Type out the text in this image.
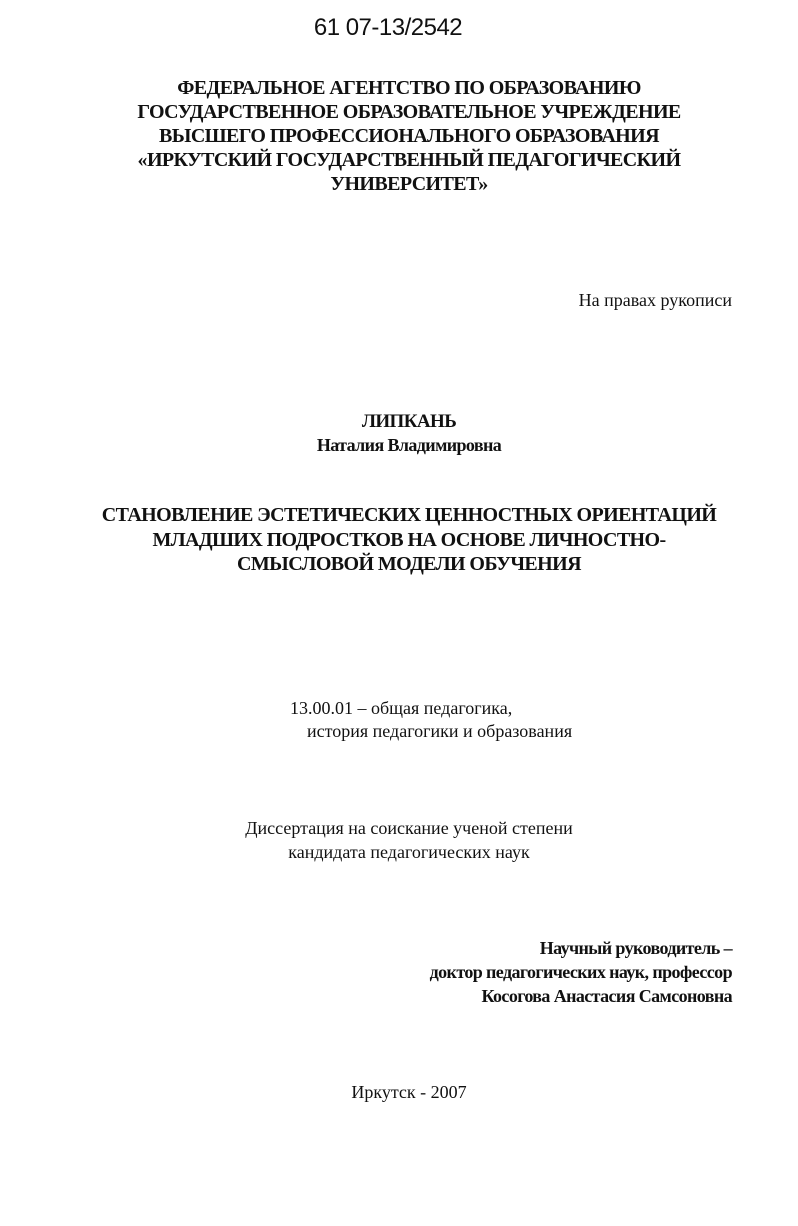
61 07-13/2542
ФЕДЕРАЛЬНОЕ АГЕНТСТВО ПО ОБРАЗОВАНИЮ
ГОСУДАРСТВЕННОЕ ОБРАЗОВАТЕЛЬНОЕ УЧРЕЖДЕНИЕ
ВЫСШЕГО ПРОФЕССИОНАЛЬНОГО ОБРАЗОВАНИЯ
«ИРКУТСКИЙ ГОСУДАРСТВЕННЫЙ ПЕДАГОГИЧЕСКИЙ
УНИВЕРСИТЕТ»
На правах рукописи
ЛИПКАНЬ
Наталия Владимировна
СТАНОВЛЕНИЕ ЭСТЕТИЧЕСКИХ ЦЕННОСТНЫХ ОРИЕНТАЦИЙ
МЛАДШИХ ПОДРОСТКОВ НА ОСНОВЕ ЛИЧНОСТНО-
СМЫСЛОВОЙ МОДЕЛИ ОБУЧЕНИЯ
13.00.01 – общая педагогика,
история педагогики и образования
Диссертация на соискание ученой степени
кандидата педагогических наук
Научный руководитель –
доктор педагогических наук, профессор
Косогова Анастасия Самсоновна
Иркутск - 2007
